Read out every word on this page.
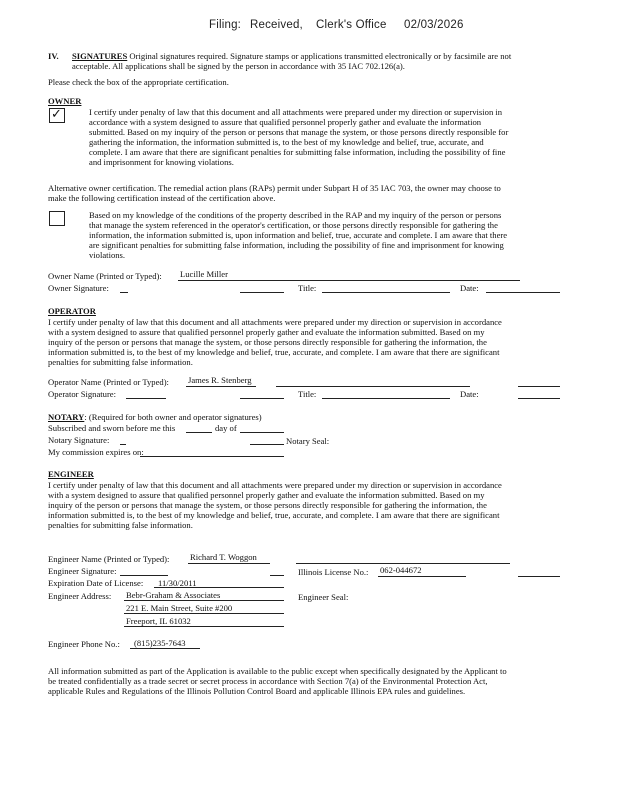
Filing: Received, Clerk's Office 02/03/2026
IV. SIGNATURES Original signatures required. Signature stamps or applications transmitted electronically or by facsimile are not
acceptable. All applications shall be signed by the person in accordance with 35 IAC 702.126(a).
Please check the box of the appropriate certification.
OWNER
✓	I certify under penalty of law that this document and all attachments were prepared under my direction or supervision in
accordance with a system designed to assure that qualified personnel properly gather and evaluate the information
submitted. Based on my inquiry of the person or persons that manage the system, or those persons directly responsible for
gathering the information, the information submitted is, to the best of my knowledge and belief, true, accurate, and
complete. I am aware that there are significant penalties for submitting false information, including the possibility of fine
and imprisonment for knowing violations.
Alternative owner certification. The remedial action plans (RAPs) permit under Subpart H of 35 IAC 703, the owner may choose to
make the following certification instead of the certification above.
Based on my knowledge of the conditions of the property described in the RAP and my inquiry of the person or persons
that manage the system referenced in the operator's certification, or those persons directly responsible for gathering the
information, the information submitted is, upon information and belief, true, accurate and complete. I am aware that there
are significant penalties for submitting false information, including the possibility of fine and imprisonment for knowing
violations.
Owner Name (Printed or Typed): Lucille Miller
Owner Signature:	Title:	Date:
OPERATOR
I certify under penalty of law that this document and all attachments were prepared under my direction or supervision in accordance
with a system designed to assure that qualified personnel properly gather and evaluate the information submitted. Based on my
inquiry of the person or persons that manage the system, or those persons directly responsible for gathering the information, the
information submitted is, to the best of my knowledge and belief, true, accurate, and complete. I am aware that there are significant
penalties for submitting false information.
Operator Name (Printed or Typed): James R. Stenberg
Operator Signature:	Title:	Date:
NOTARY: (Required for both owner and operator signatures)
Subscribed and sworn before me this	day of
Notary Signature:	Notary Seal:
My commission expires on:
ENGINEER
I certify under penalty of law that this document and all attachments were prepared under my direction or supervision in accordance
with a system designed to assure that qualified personnel properly gather and evaluate the information submitted. Based on my
inquiry of the person or persons that manage the system, or those persons directly responsible for gathering the information, the
information submitted is, to the best of my knowledge and belief, true, accurate, and complete. I am aware that there are significant
penalties for submitting false information.
Engineer Name (Printed or Typed): Richard T. Woggon
Engineer Signature:	Illinois License No.: 062-044672
Expiration Date of License: 11/30/2011
Engineer Address: Bebr-Graham & Associates
221 E. Main Street, Suite #200
Freeport, IL 61032
Engineer Seal:
Engineer Phone No.: (815)235-7643
All information submitted as part of the Application is available to the public except when specifically designated by the Applicant to
be treated confidentially as a trade secret or secret process in accordance with Section 7(a) of the Environmental Protection Act,
applicable Rules and Regulations of the Illinois Pollution Control Board and applicable Illinois EPA rules and guidelines.
